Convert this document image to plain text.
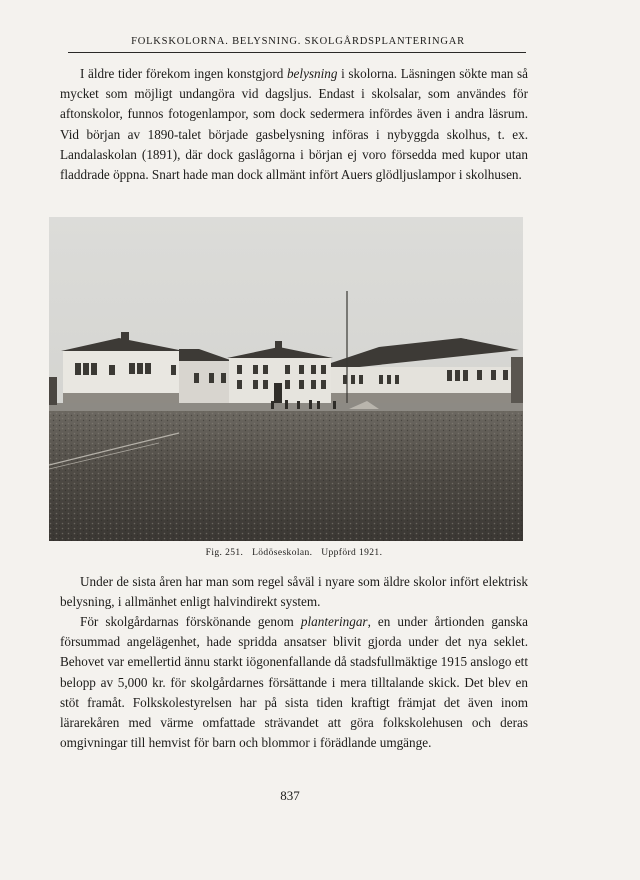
FOLKSKOLORNA. BELYSNING. SKOLGÅRDSPLANTERINGAR

I äldre tider förekom ingen konstgjord belysning i skolorna. Läsningen sökte man så mycket som möjligt undangöra vid dagsljus. Endast i skolsalar, som användes för aftonskolor, funnos fotogenlampor, som dock sedermera infördes även i andra läsrum. Vid början av 1890-talet började gasbelysning införas i nybyggda skolhus, t. ex. Landalaskolan (1891), där dock gaslågorna i början ej voro försedda med kupor utan fladdrade öppna. Snart hade man dock allmänt infört Auers glödljuslampor i skolhusen.

Fig. 251. Lödöseskolan. Uppförd 1921.

Under de sista åren har man som regel såväl i nyare som äldre skolor infört elektrisk belysning, i allmänhet enligt halvindirekt system.

För skolgårdarnas förskönande genom planteringar, en under årtionden ganska försummad angelägenhet, hade spridda ansatser blivit gjorda under det nya seklet. Behovet var emellertid ännu starkt iögonenfallande då stadsfullmäktige 1915 anslogo ett belopp av 5,000 kr. för skolgårdarnes försättande i mera tilltalande skick. Det blev en stöt framåt. Folkskolestyrelsen har på sista tiden kraftigt främjat det även inom lärarekåren med värme omfattade strävandet att göra folkskolehusen och deras omgivningar till hemvist för barn och blommor i förädlande umgänge.

837
